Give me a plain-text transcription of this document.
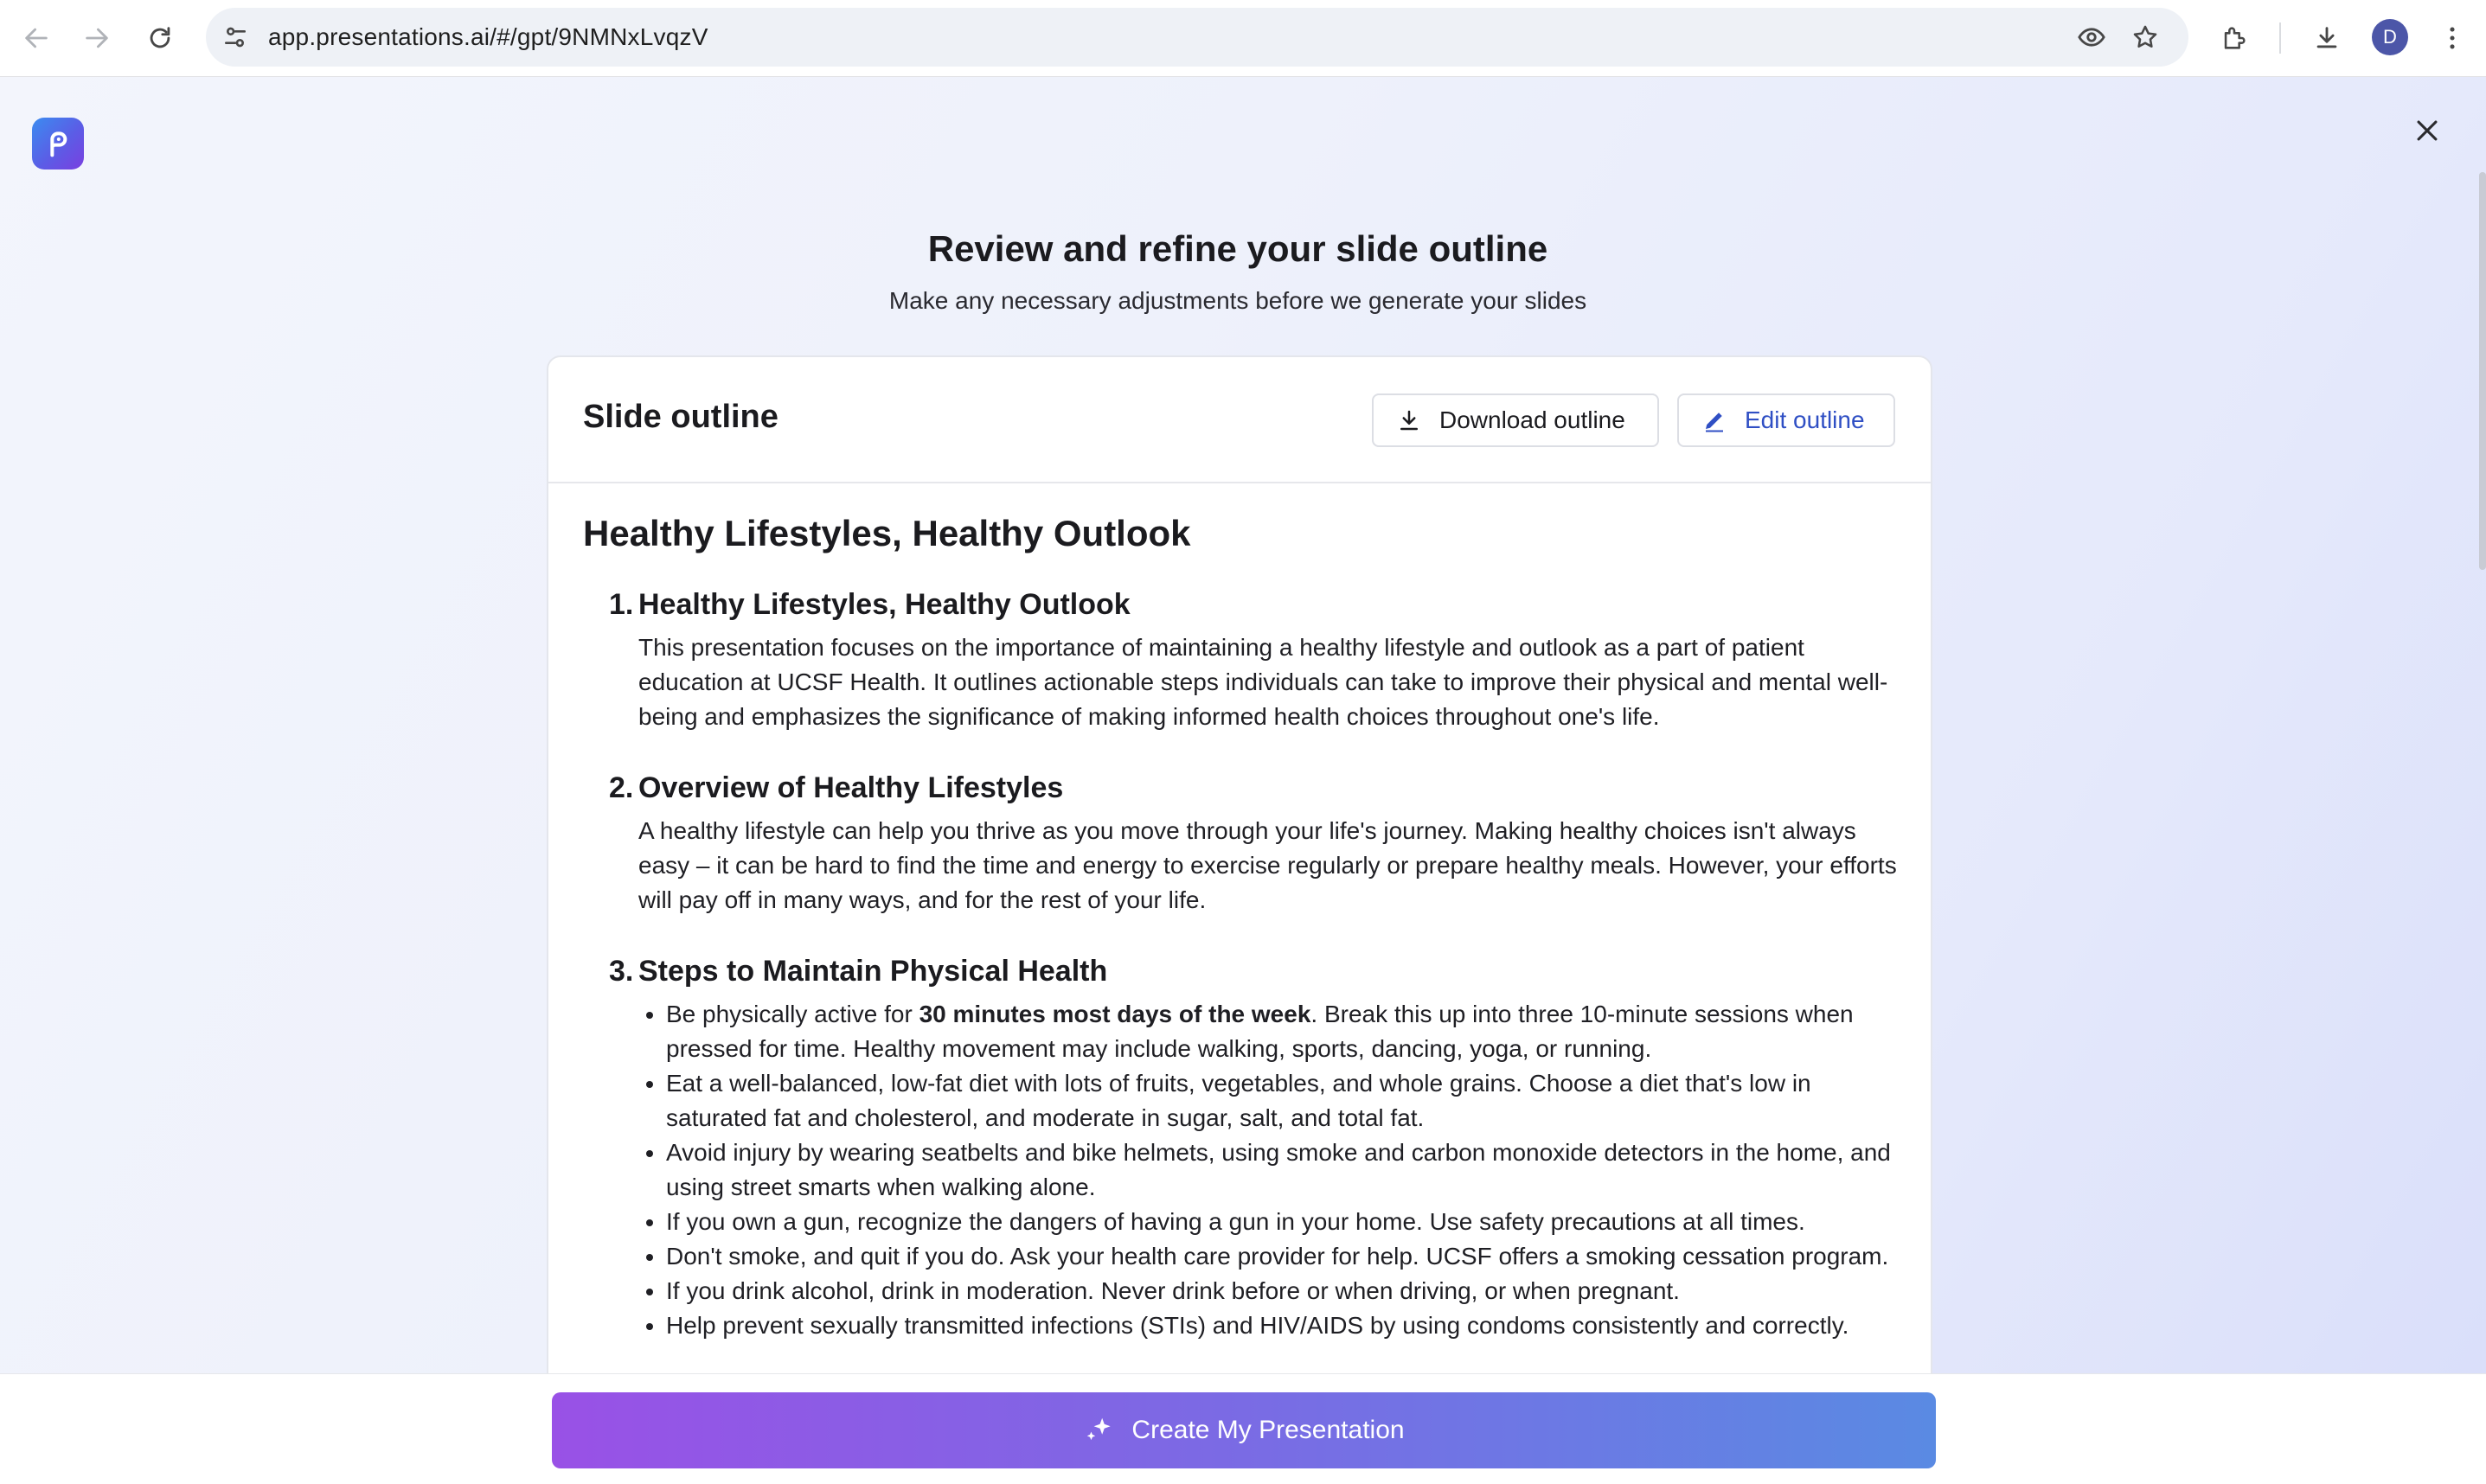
app.presentations.ai/#/gpt/9NMNxLvqzV	D
Review and refine your slide outline
Make any necessary adjustments before we generate your slides
Slide outline	Download outline	Edit outline
Healthy Lifestyles, Healthy Outlook
1. Healthy Lifestyles, Healthy Outlook

This presentation focuses on the importance of maintaining a healthy lifestyle and outlook as a part of patient education at UCSF Health. It outlines actionable steps individuals can take to improve their physical and mental well-being and emphasizes the significance of making informed health choices throughout one's life.

2. Overview of Healthy Lifestyles

A healthy lifestyle can help you thrive as you move through your life's journey. Making healthy choices isn't always easy – it can be hard to find the time and energy to exercise regularly or prepare healthy meals. However, your efforts will pay off in many ways, and for the rest of your life.

3. Steps to Maintain Physical Health
• Be physically active for 30 minutes most days of the week. Break this up into three 10-minute sessions when pressed for time. Healthy movement may include walking, sports, dancing, yoga, or running.
• Eat a well-balanced, low-fat diet with lots of fruits, vegetables, and whole grains. Choose a diet that's low in saturated fat and cholesterol, and moderate in sugar, salt, and total fat.
• Avoid injury by wearing seatbelts and bike helmets, using smoke and carbon monoxide detectors in the home, and using street smarts when walking alone.
• If you own a gun, recognize the dangers of having a gun in your home. Use safety precautions at all times.
• Don't smoke, and quit if you do. Ask your health care provider for help. UCSF offers a smoking cessation program.
• If you drink alcohol, drink in moderation. Never drink before or when driving, or when pregnant.
• Help prevent sexually transmitted infections (STIs) and HIV/AIDS by using condoms consistently and correctly.
Create My Presentation
